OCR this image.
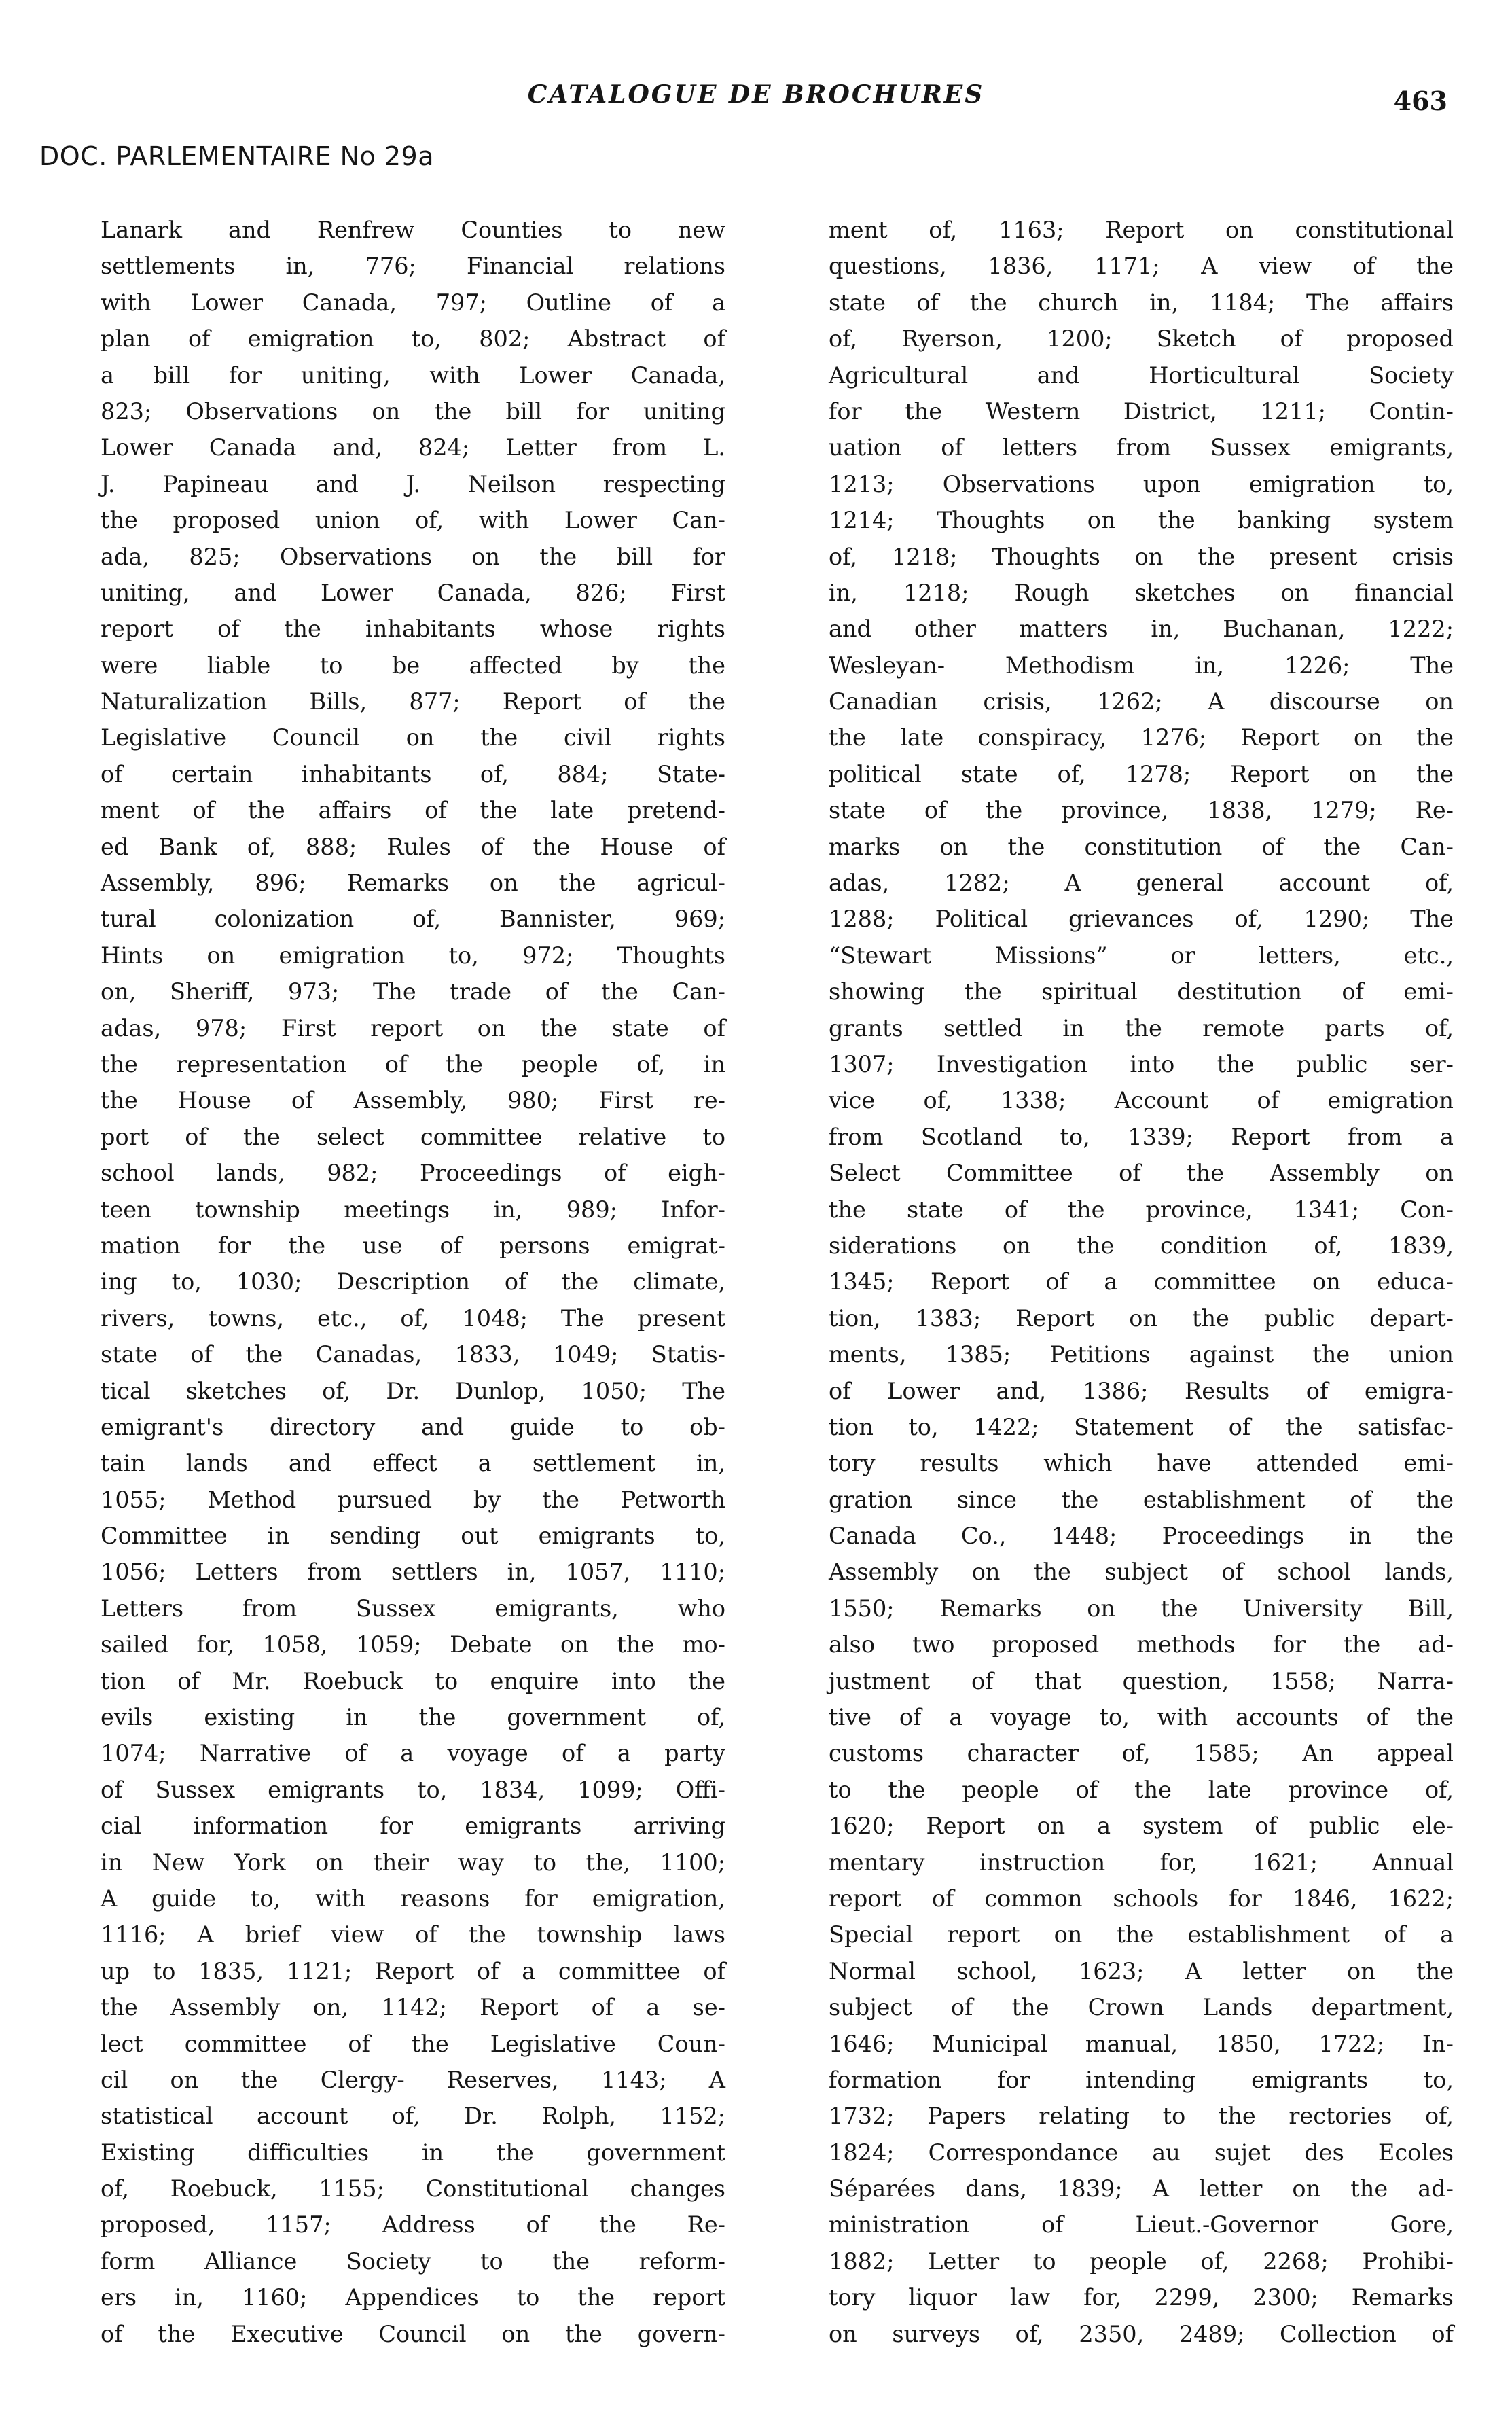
CATALOGUE DE BROCHURES	463
DOC. PARLEMENTAIRE No 29a
Lanark and Renfrew Counties to new
settlements in, 776; Financial relations
with Lower Canada, 797; Outline of a
plan of emigration to, 802; Abstract of
a bill for uniting, with Lower Canada,
823; Observations on the bill for uniting
Lower Canada and, 824; Letter from L.
J. Papineau and J. Neilson respecting
the proposed union of, with Lower Can-
ada, 825; Observations on the bill for
uniting, and Lower Canada, 826; First
report of the inhabitants whose rights
were liable to be affected by the
Naturalization Bills, 877; Report of the
Legislative Council on the civil rights
of certain inhabitants of, 884; State-
ment of the affairs of the late pretend-
ed Bank of, 888; Rules of the House of
Assembly, 896; Remarks on the agricul-
tural colonization of, Bannister, 969;
Hints on emigration to, 972; Thoughts
on, Sheriff, 973; The trade of the Can-
adas, 978; First report on the state of
the representation of the people of, in
the House of Assembly, 980; First re-
port of the select committee relative to
school lands, 982; Proceedings of eigh-
teen township meetings in, 989; Infor-
mation for the use of persons emigrat-
ing to, 1030; Description of the climate,
rivers, towns, etc., of, 1048; The present
state of the Canadas, 1833, 1049; Statis-
tical sketches of, Dr. Dunlop, 1050; The
emigrant's directory and guide to ob-
tain lands and effect a settlement in,
1055; Method pursued by the Petworth
Committee in sending out emigrants to,
1056; Letters from settlers in, 1057, 1110;
Letters from Sussex emigrants, who
sailed for, 1058, 1059; Debate on the mo-
tion of Mr. Roebuck to enquire into the
evils existing in the government of,
1074; Narrative of a voyage of a party
of Sussex emigrants to, 1834, 1099; Offi-
cial information for emigrants arriving
in New York on their way to the, 1100;
A guide to, with reasons for emigration,
1116; A brief view of the township laws
up to 1835, 1121; Report of a committee of
the Assembly on, 1142; Report of a se-
lect committee of the Legislative Coun-
cil on the Clergy- Reserves, 1143; A
statistical account of, Dr. Rolph, 1152;
Existing difficulties in the government
of, Roebuck, 1155; Constitutional changes
proposed, 1157; Address of the Re-
form Alliance Society to the reform-
ers in, 1160; Appendices to the report
of the Executive Council on the govern-
ment of, 1163; Report on constitutional
questions, 1836, 1171; A view of the
state of the church in, 1184; The affairs
of, Ryerson, 1200; Sketch of proposed
Agricultural and Horticultural Society
for the Western District, 1211; Contin-
uation of letters from Sussex emigrants,
1213; Observations upon emigration to,
1214; Thoughts on the banking system
of, 1218; Thoughts on the present crisis
in, 1218; Rough sketches on financial
and other matters in, Buchanan, 1222;
Wesleyan- Methodism in, 1226; The
Canadian crisis, 1262; A discourse on
the late conspiracy, 1276; Report on the
political state of, 1278; Report on the
state of the province, 1838, 1279; Re-
marks on the constitution of the Can-
adas, 1282; A general account of,
1288; Political grievances of, 1290; The
“Stewart Missions” or letters, etc.,
showing the spiritual destitution of emi-
grants settled in the remote parts of,
1307; Investigation into the public ser-
vice of, 1338; Account of emigration
from Scotland to, 1339; Report from a
Select Committee of the Assembly on
the state of the province, 1341; Con-
siderations on the condition of, 1839,
1345; Report of a committee on educa-
tion, 1383; Report on the public depart-
ments, 1385; Petitions against the union
of Lower and, 1386; Results of emigra-
tion to, 1422; Statement of the satisfac-
tory results which have attended emi-
gration since the establishment of the
Canada Co., 1448; Proceedings in the
Assembly on the subject of school lands,
1550; Remarks on the University Bill,
also two proposed methods for the ad-
justment of that question, 1558; Narra-
tive of a voyage to, with accounts of the
customs character of, 1585; An appeal
to the people of the late province of,
1620; Report on a system of public ele-
mentary instruction for, 1621; Annual
report of common schools for 1846, 1622;
Special report on the establishment of a
Normal school, 1623; A letter on the
subject of the Crown Lands department,
1646; Municipal manual, 1850, 1722; In-
formation for intending emigrants to,
1732; Papers relating to the rectories of,
1824; Correspondance au sujet des Ecoles
Séparées dans, 1839; A letter on the ad-
ministration of Lieut.-Governor Gore,
1882; Letter to people of, 2268; Prohibi-
tory liquor law for, 2299, 2300; Remarks
on surveys of, 2350, 2489; Collection of
